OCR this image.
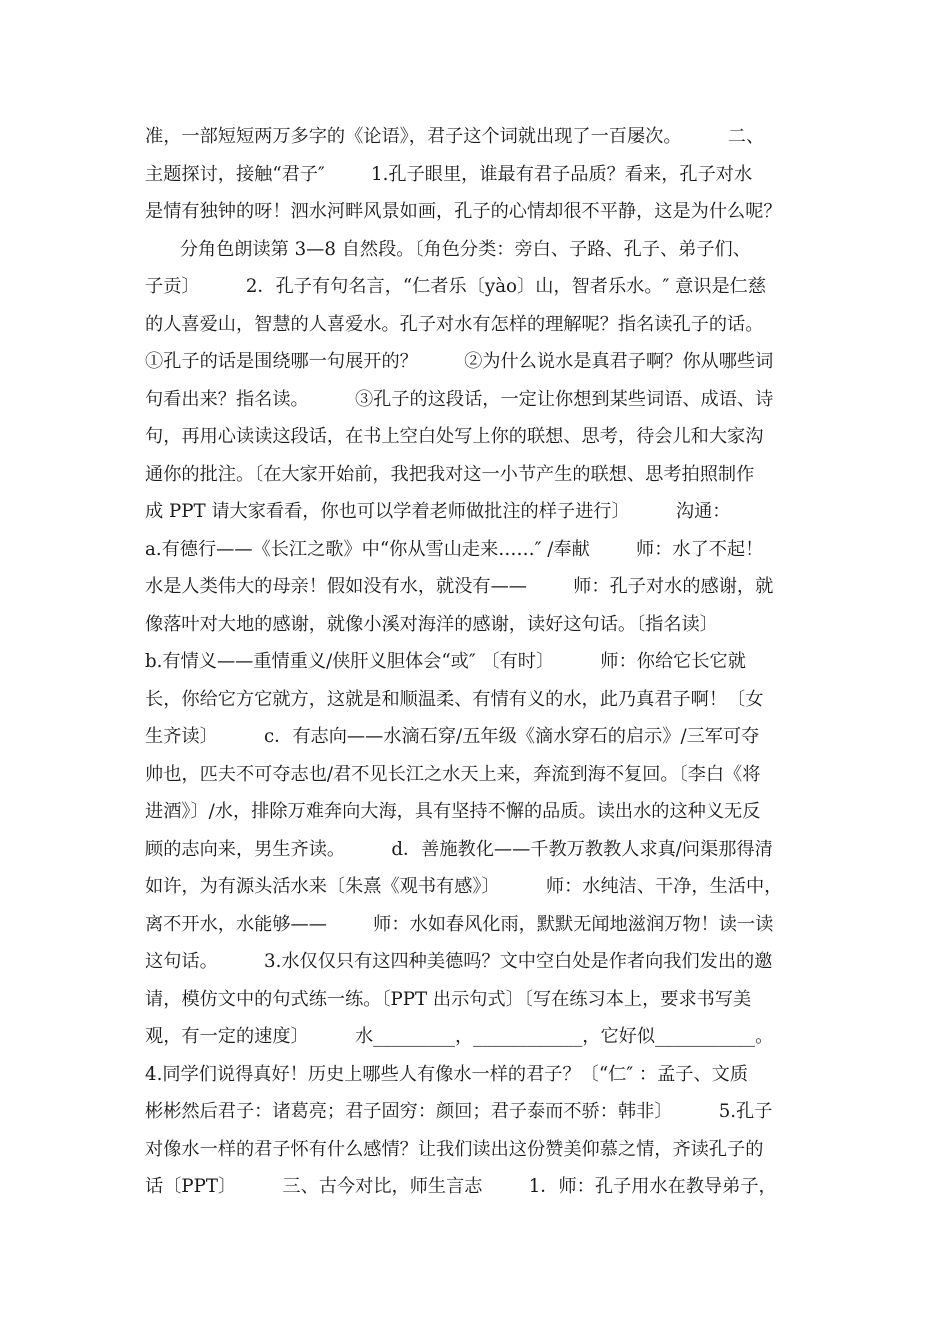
准，一部短短两万多字的《论语》，君子这个词就出现了一百屡次。        二、
主题探讨，接触“君子″        1.孔子眼里，谁最有君子品质？看来，孔子对水
是情有独钟的呀！泗水河畔风景如画，孔子的心情却很不平静，这是为什么呢？
分角色朗读第 3—8 自然段。〔角色分类：旁白、子路、孔子、弟子们、
子贡〕        2．孔子有句名言，“仁者乐〔yào〕山，智者乐水。″ 意识是仁慈
的人喜爱山，智慧的人喜爱水。孔子对水有怎样的理解呢？指名读孔子的话。
①孔子的话是围绕哪一句展开的？        ②为什么说水是真君子啊？你从哪些词
句看出来？指名读。        ③孔子的这段话，一定让你想到某些词语、成语、诗
句，再用心读读这段话，在书上空白处写上你的联想、思考，待会儿和大家沟
通你的批注。〔在大家开始前，我把我对这一小节产生的联想、思考拍照制作
成 PPT 请大家看看，你也可以学着老师做批注的样子进行〕        沟通：
a.有德行——《长江之歌》中“你从雪山走来……″ /奉献        师：水了不起！
水是人类伟大的母亲！假如没有水，就没有——        师：孔子对水的感谢，就
像落叶对大地的感谢，就像小溪对海洋的感谢，读好这句话。〔指名读〕
b.有情义——重情重义/侠肝义胆体会“或″ 〔有时〕        师：你给它长它就
长，你给它方它就方，这就是和顺温柔、有情有义的水，此乃真君子啊！〔女
生齐读〕        c．有志向——水滴石穿/五年级《滴水穿石的启示》/三军可夺
帅也，匹夫不可夺志也/君不见长江之水天上来，奔流到海不复回。〔李白《将
进酒》〕/水，排除万难奔向大海，具有坚持不懈的品质。读出水的这种义无反
顾的志向来，男生齐读。        d．善施教化——千教万教教人求真/问渠那得清
如许，为有源头活水来〔朱熹《观书有感》〕        师：水纯洁、干净，生活中，
离不开水，水能够——        师：水如春风化雨，默默无闻地滋润万物！读一读
这句话。        3.水仅仅只有这四种美德吗？文中空白处是作者向我们发出的邀
请，模仿文中的句式练一练。〔PPT 出示句式〕〔写在练习本上，要求书写美
观，有一定的速度〕        水_________，____________，它好似___________。
4.同学们说得真好！历史上哪些人有像水一样的君子？〔“仁″ ：孟子、文质
彬彬然后君子：诸葛亮；君子固穷：颜回；君子泰而不骄：韩非〕        5.孔子
对像水一样的君子怀有什么感情？让我们读出这份赞美仰慕之情，齐读孔子的
话〔PPT〕        三、古今对比，师生言志        1．师：孔子用水在教导弟子，
